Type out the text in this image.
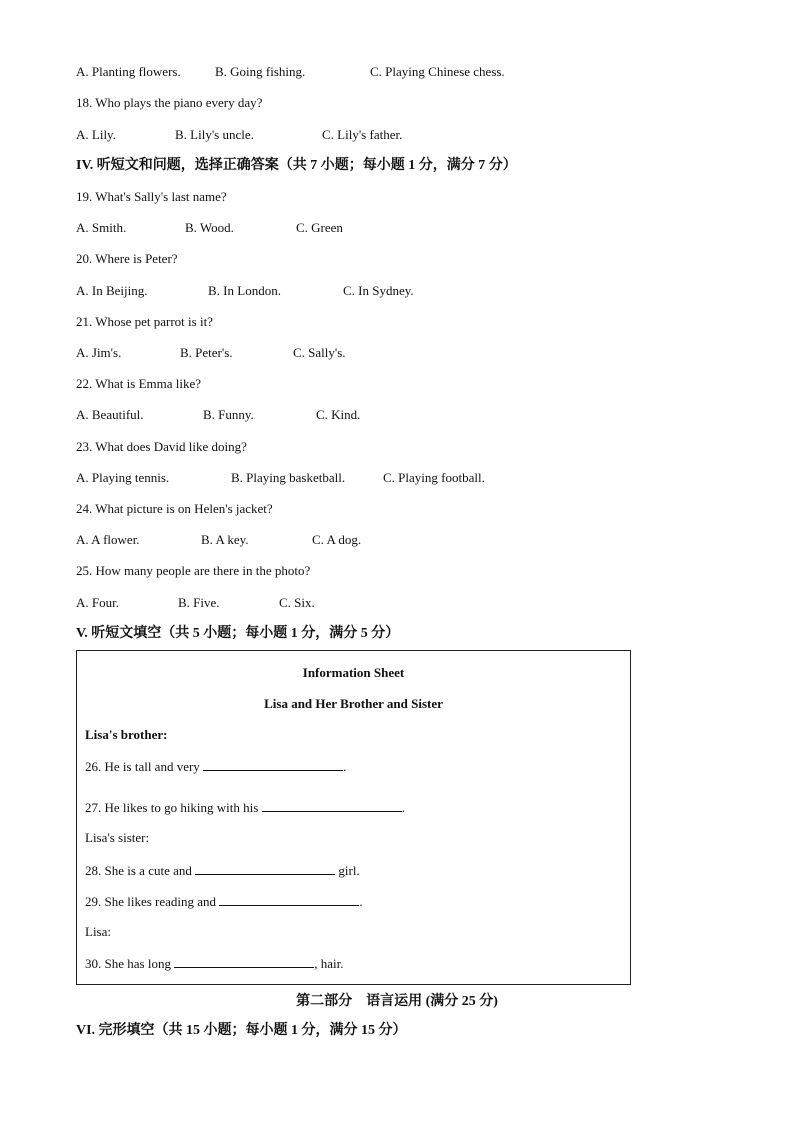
A. Planting flowers.	B. Going fishing.	C. Playing Chinese chess.
18. Who plays the piano every day?
A. Lily.	B. Lily's uncle.	C. Lily's father.
IV. 听短文和问题，选择正确答案（共 7 小题；每小题 1 分，满分 7 分）
19. What's Sally's last name?
A. Smith.	B. Wood.	C. Green
20. Where is Peter?
A. In Beijing.	B. In London.	C. In Sydney.
21. Whose pet parrot is it?
A. Jim's.	B. Peter's.	C. Sally's.
22. What is Emma like?
A. Beautiful.	B. Funny.	C. Kind.
23. What does David like doing?
A. Playing tennis.	B. Playing basketball.	C. Playing football.
24. What picture is on Helen's jacket?
A. A flower.	B. A key.	C. A dog.
25. How many people are there in the photo?
A. Four.	B. Five.	C. Six.
V. 听短文填空（共 5 小题；每小题 1 分，满分 5 分）
Information Sheet
Lisa and Her Brother and Sister
Lisa's brother:
26. He is tall and very	.
27. He likes to go hiking with his	.
Lisa's sister:
28. She is a cute and	girl.
29. She likes reading and	.
Lisa:
30. She has long	, hair.
第二部分　语言运用 (满分 25 分)
VI. 完形填空（共 15 小题；每小题 1 分，满分 15 分）
